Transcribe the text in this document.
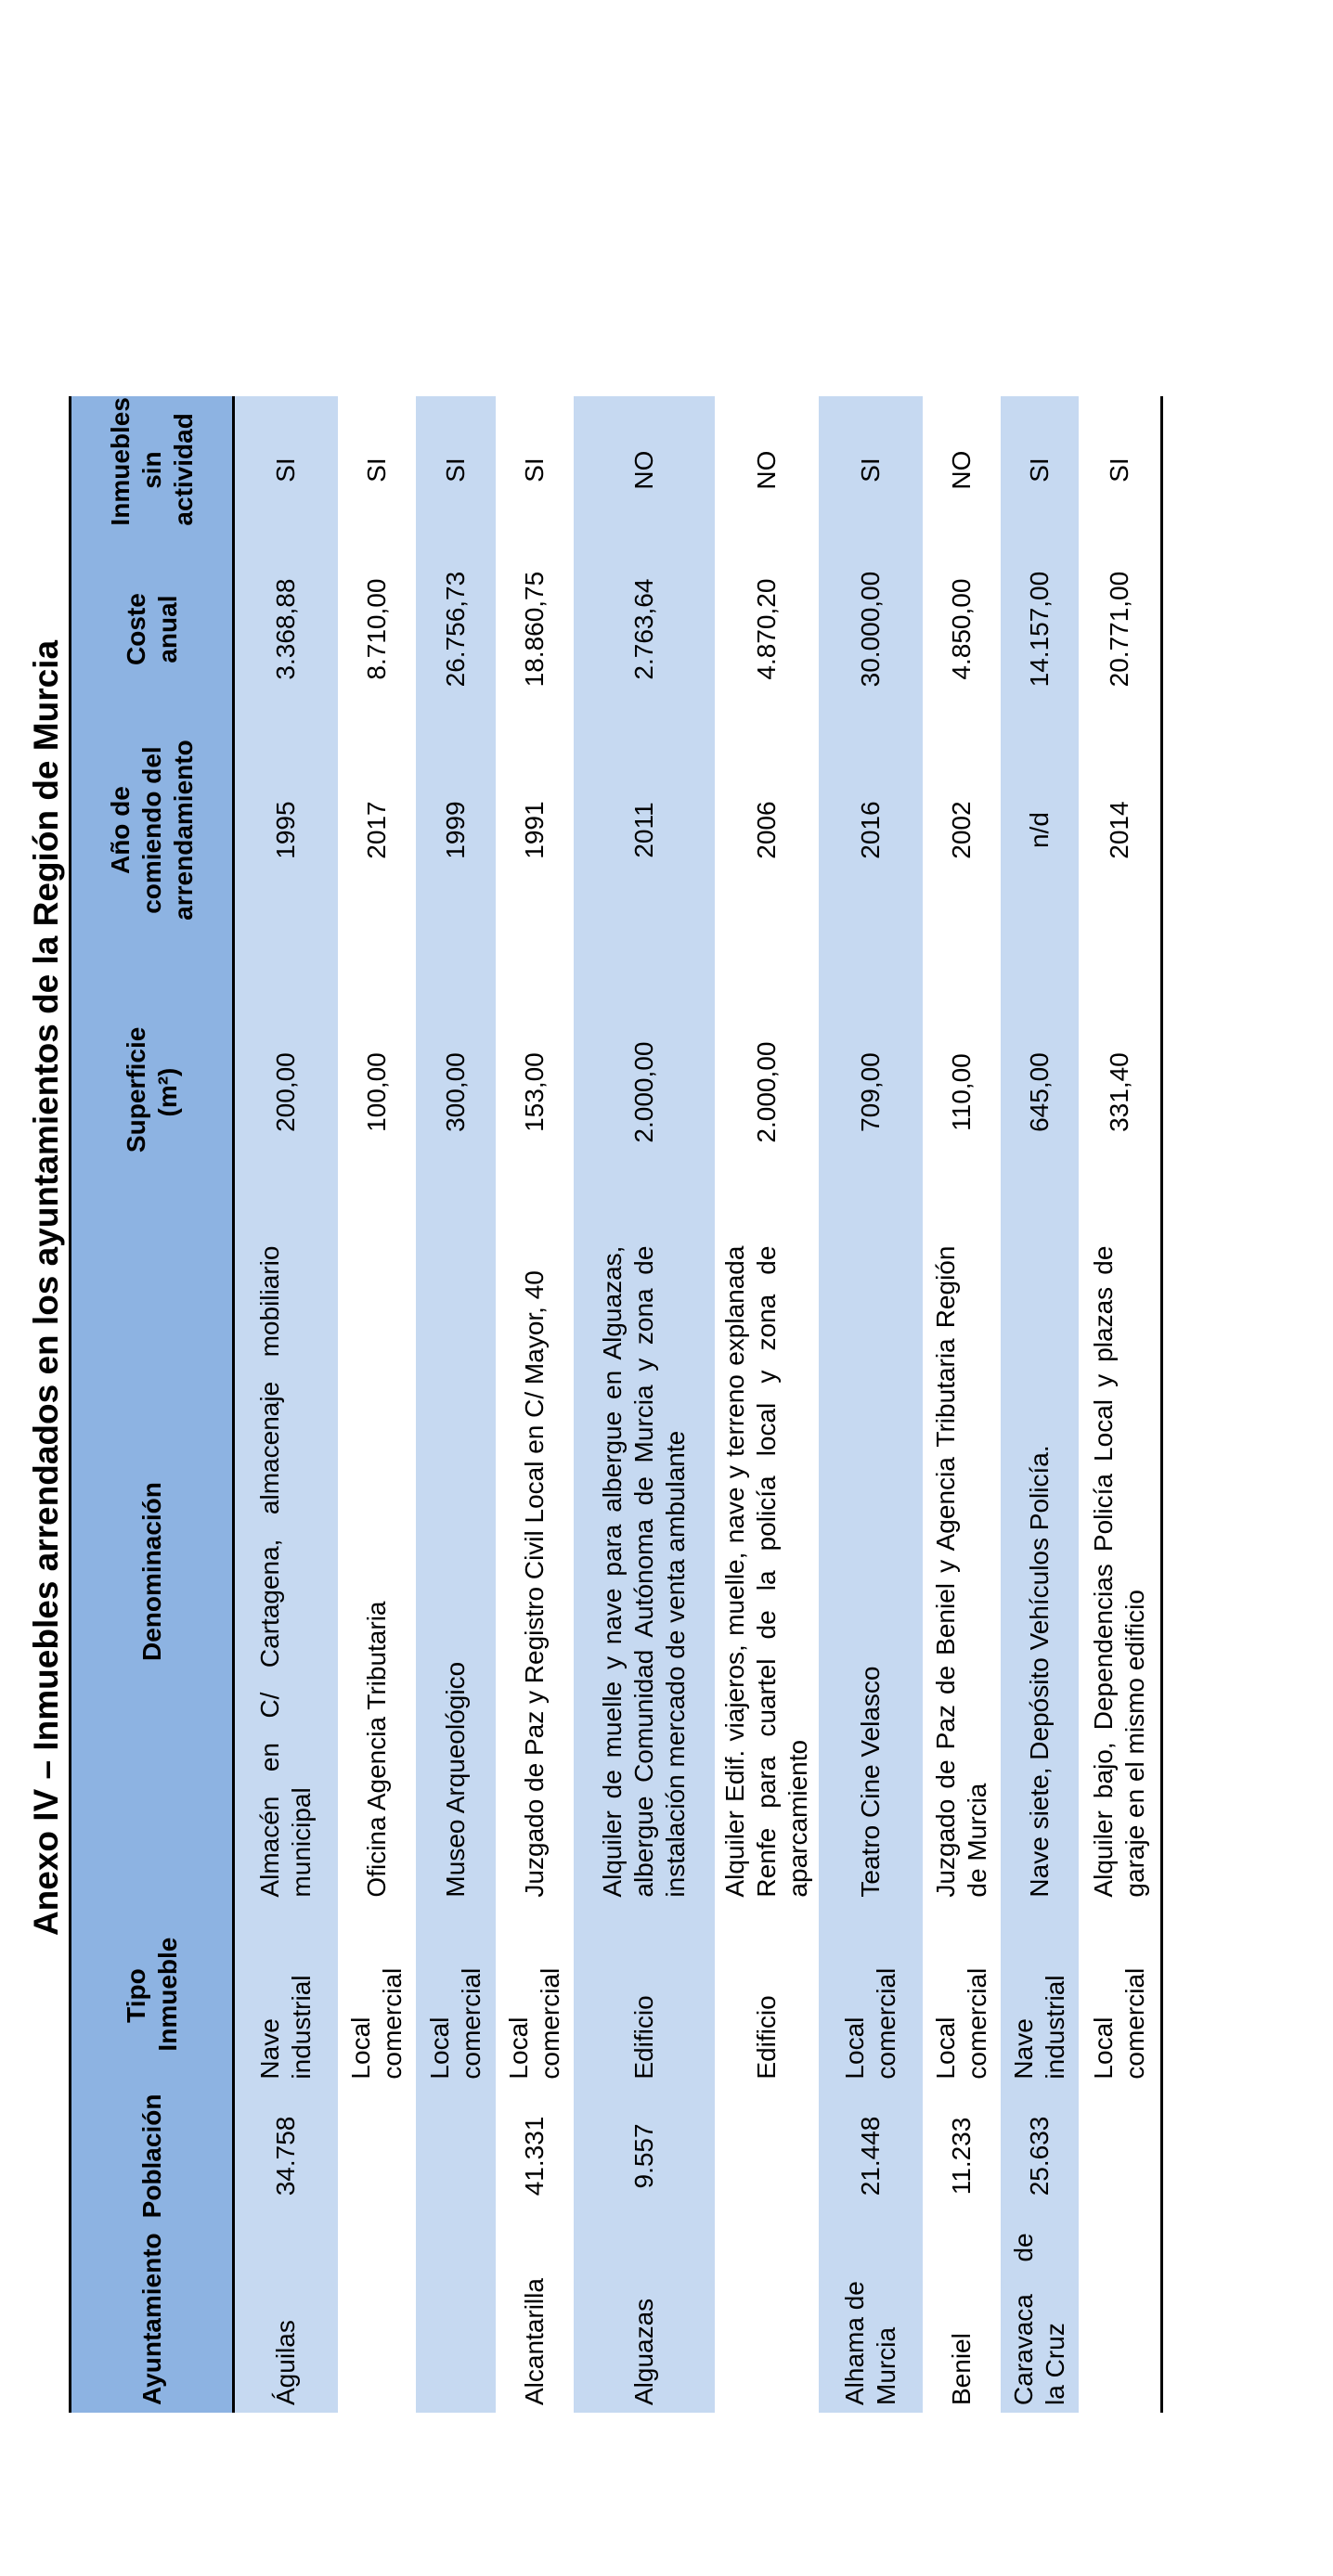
Anexo IV – Inmuebles arrendados en los ayuntamientos de la Región de Murcia
Ayuntamiento	Población	Tipo Inmueble	Denominación	Superficie (m²)	Año de comiendo del arrendamiento	Coste anual	Inmuebles sin actividad
Águilas	34.758	Nave industrial	Almacén en C/ Cartagena, almacenaje mobiliario municipal	200,00	1995	3.368,88	SI
		Local comercial	Oficina Agencia Tributaria	100,00	2017	8.710,00	SI
		Local comercial	Museo Arqueológico	300,00	1999	26.756,73	SI
Alcantarilla	41.331	Local comercial	Juzgado de Paz y Registro Civil Local en C/ Mayor, 40	153,00	1991	18.860,75	SI
Alguazas	9.557	Edificio	Alquiler de muelle y nave para albergue en Alguazas, albergue Comunidad Autónoma de Murcia y zona de instalación mercado de venta ambulante	2.000,00	2011	2.763,64	NO
		Edificio	Alquiler Edif. viajeros, muelle, nave y terreno explanada Renfe para cuartel de la policía local y zona de aparcamiento	2.000,00	2006	4.870,20	NO
Alhama de Murcia	21.448	Local comercial	Teatro Cine Velasco	709,00	2016	30.000,00	SI
Beniel	11.233	Local comercial	Juzgado de Paz de Beniel y Agencia Tributaria Región de Murcia	110,00	2002	4.850,00	NO
Caravaca de la Cruz	25.633	Nave industrial	Nave siete, Depósito Vehículos Policía.	645,00	n/d	14.157,00	SI
		Local comercial	Alquiler bajo, Dependencias Policía Local y plazas de garaje en el mismo edificio	331,40	2014	20.771,00	SI
